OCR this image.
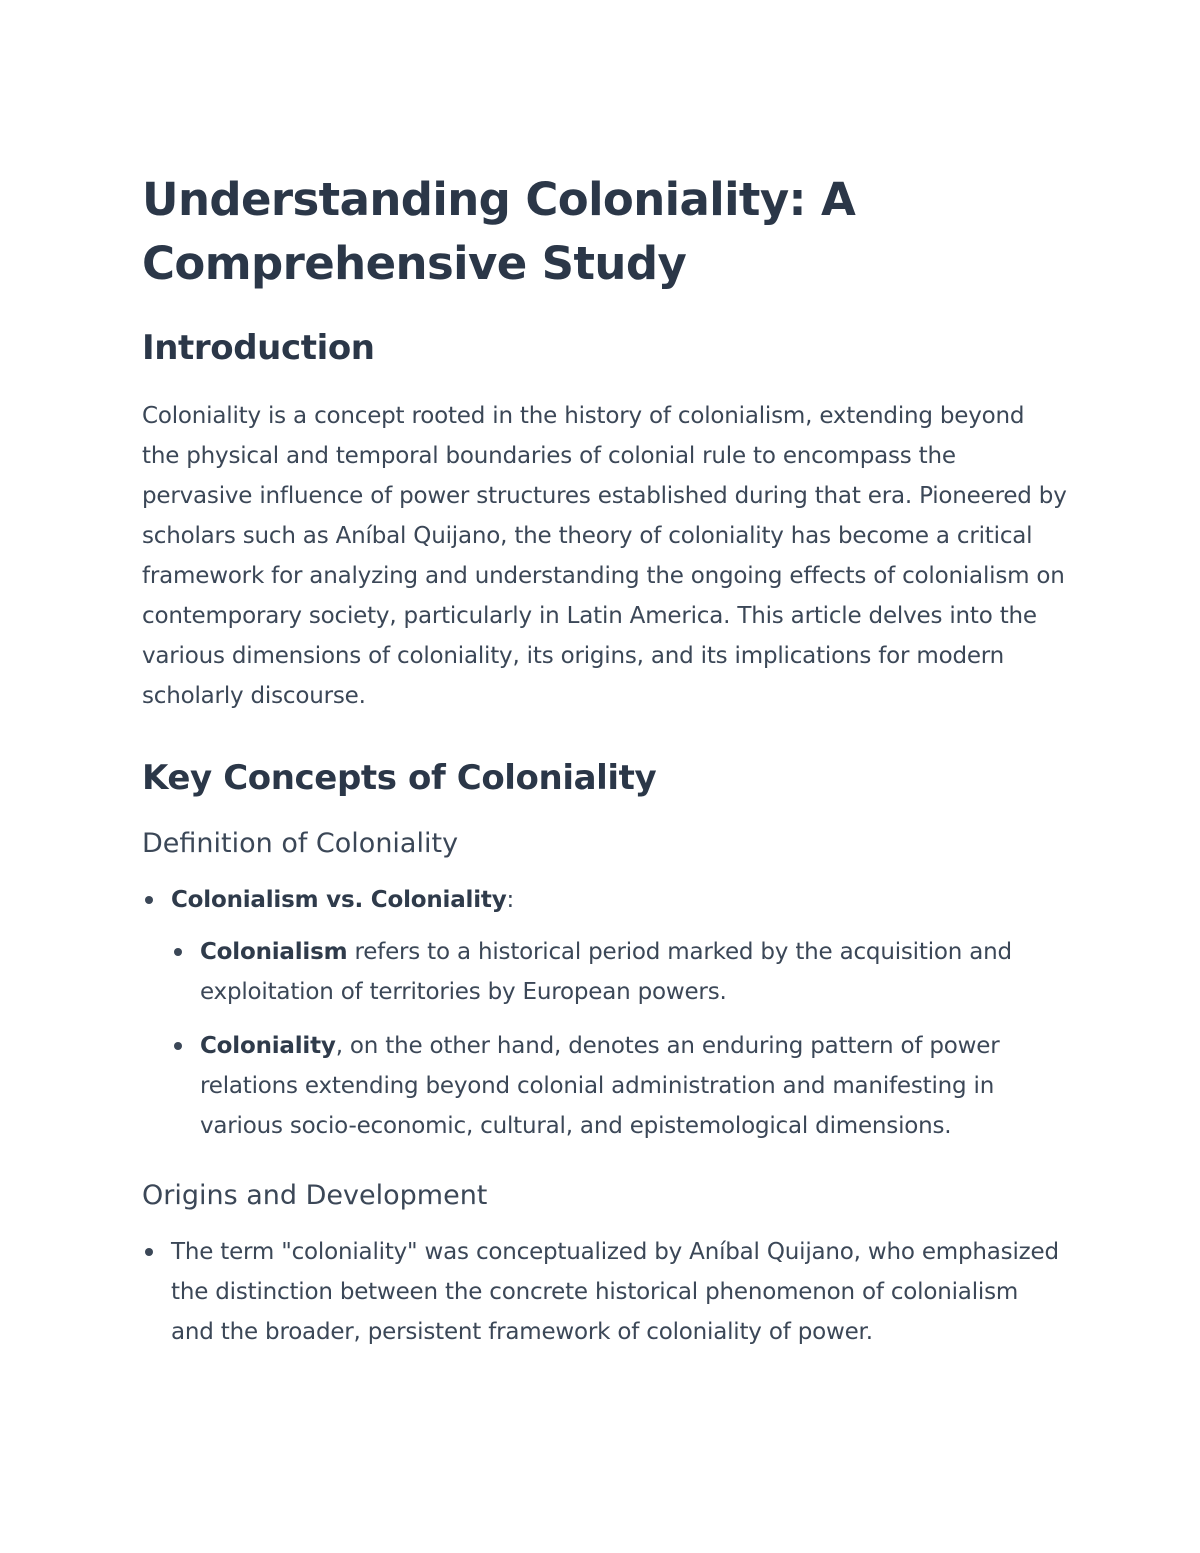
Understanding Coloniality: A Comprehensive Study
Introduction

Coloniality is a concept rooted in the history of colonialism, extending beyond the physical and temporal boundaries of colonial rule to encompass the pervasive influence of power structures established during that era. Pioneered by scholars such as Aníbal Quijano, the theory of coloniality has become a critical framework for analyzing and understanding the ongoing effects of colonialism on contemporary society, particularly in Latin America. This article delves into the various dimensions of coloniality, its origins, and its implications for modern scholarly discourse.

Key Concepts of Coloniality
Definition of Coloniality
Colonialism vs. Coloniality:
Colonialism refers to a historical period marked by the acquisition and exploitation of territories by European powers.
Coloniality, on the other hand, denotes an enduring pattern of power relations extending beyond colonial administration and manifesting in various socio-economic, cultural, and epistemological dimensions.
Origins and Development
The term "coloniality" was conceptualized by Aníbal Quijano, who emphasized the distinction between the concrete historical phenomenon of colonialism and the broader, persistent framework of coloniality of power.
